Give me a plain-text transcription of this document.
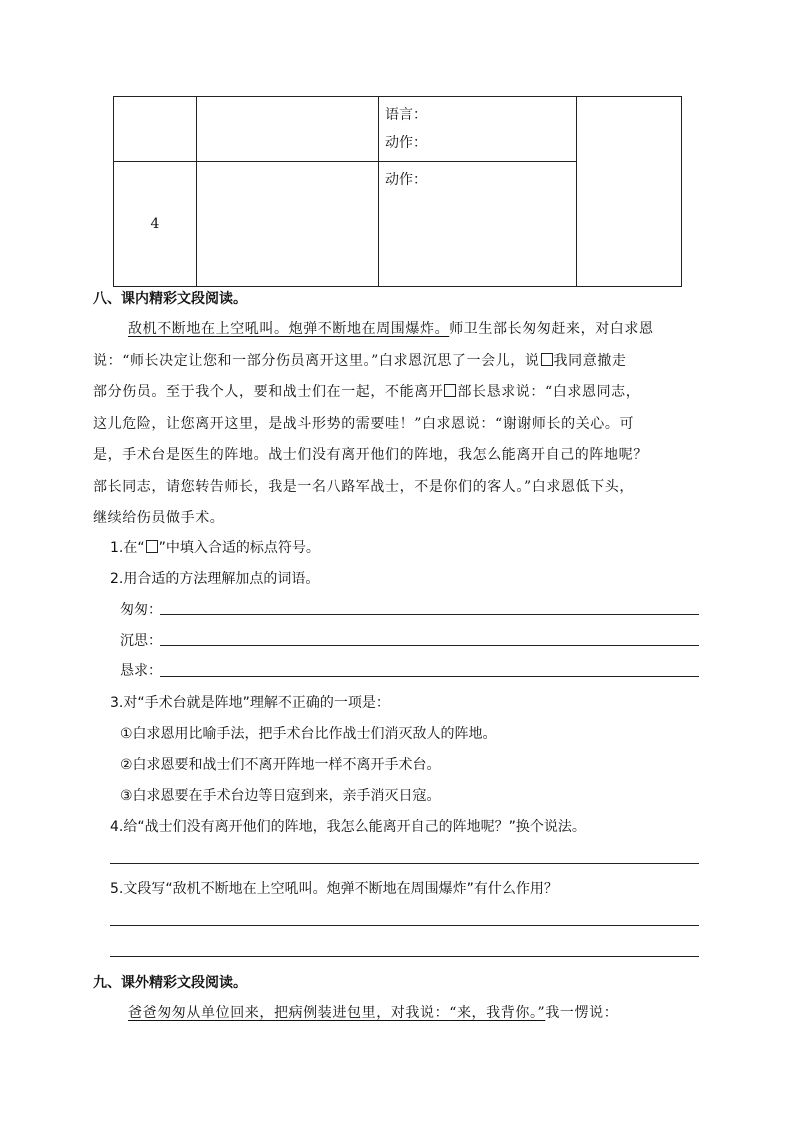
		语言：
动作：	

4		动作：	
八、课内精彩文段阅读。
敌机不断地在上空吼叫。炮弹不断地在周围爆炸。师卫生部长匆匆赶来，对白求恩
说：“师长决定让您和一部分伤员离开这里。”白求恩沉思了一会儿，说 我同意撤走
部分伤员。至于我个人，要和战士们在一起，不能离开 部长恳求说：“白求恩同志，
这儿危险，让您离开这里，是战斗形势的需要哇！”白求恩说：“谢谢师长的关心。可
是，手术台是医生的阵地。战士们没有离开他们的阵地，我怎么能离开自己的阵地呢？
部长同志，请您转告师长，我是一名八路军战士，不是你们的客人。”白求恩低下头，
继续给伤员做手术。
1.在“ ”中填入合适的标点符号。
2.用合适的方法理解加点的词语。
匆匆：
沉思：
恳求：
3.对“手术台就是阵地”理解不正确的一项是：
①白求恩用比喻手法，把手术台比作战士们消灭敌人的阵地。
②白求恩要和战士们不离开阵地一样不离开手术台。
③白求恩要在手术台边等日寇到来，亲手消灭日寇。
4.给“战士们没有离开他们的阵地，我怎么能离开自己的阵地呢？”换个说法。
5.文段写“敌机不断地在上空吼叫。炮弹不断地在周围爆炸”有什么作用？
九、课外精彩文段阅读。
爸爸匆匆从单位回来，把病例装进包里，对我说：“来，我背你。”我一愣说：
